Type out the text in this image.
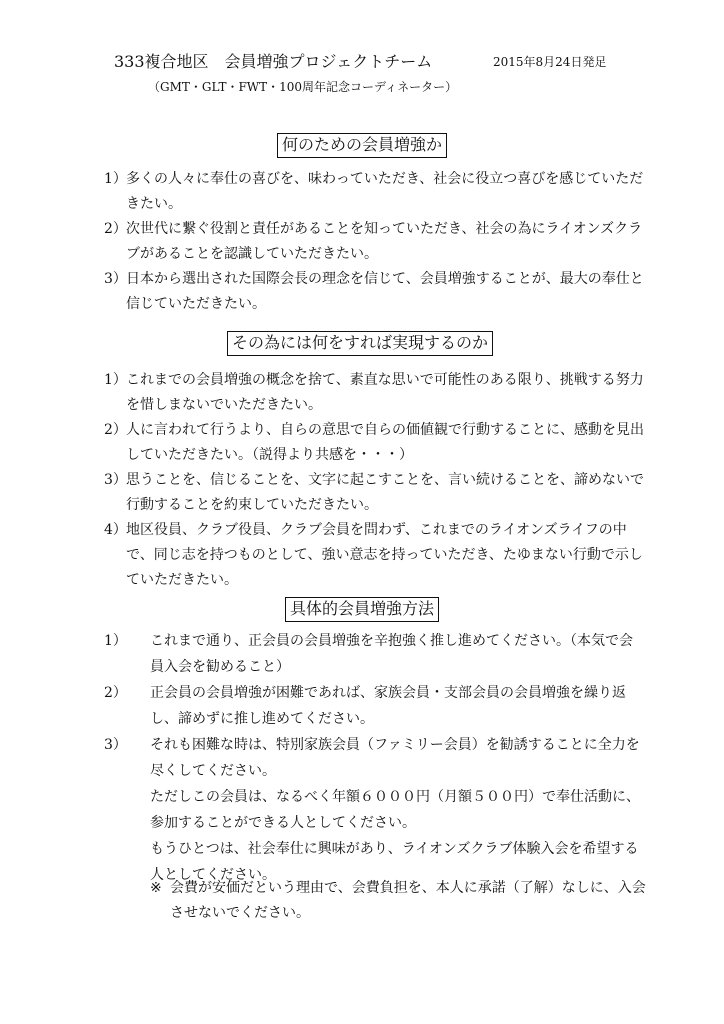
333複合地区　会員増強プロジェクトチーム	2015年8月24日発足
（GMT・GLT・FWT・100周年記念コーディネーター）
何のための会員増強か
1） 多くの人々に奉仕の喜びを、味わっていただき、社会に役立つ喜びを感じていただきたい。
2） 次世代に繋ぐ役割と責任があることを知っていただき、社会の為にライオンズクラブがあることを認識していただきたい。
3） 日本から選出された国際会長の理念を信じて、会員増強することが、最大の奉仕と信じていただきたい。
その為には何をすれば実現するのか
1） これまでの会員増強の概念を捨て、素直な思いで可能性のある限り、挑戦する努力を惜しまないでいただきたい。
2） 人に言われて行うより、自らの意思で自らの価値観で行動することに、感動を見出していただきたい。（説得より共感を・・・）
3） 思うことを、信じることを、文字に起こすことを、言い続けることを、諦めないで行動することを約束していただきたい。
4） 地区役員、クラブ役員、クラブ会員を問わず、これまでのライオンズライフの中で、同じ志を持つものとして、強い意志を持っていただき、たゆまない行動で示していただきたい。
具体的会員増強方法
1） これまで通り、正会員の会員増強を辛抱強く推し進めてください。（本気で会員入会を勧めること）

2） 正会員の会員増強が困難であれば、家族会員・支部会員の会員増強を繰り返し、諦めずに推し進めてください。

3） それも困難な時は、特別家族会員（ファミリー会員）を勧誘することに全力を尽くしてください。

ただしこの会員は、なるべく年額６０００円（月額５００円）で奉仕活動に、参加することができる人としてください。

もうひとつは、社会奉仕に興味があり、ライオンズクラブ体験入会を希望する人としてください。

※ 会費が安価だという理由で、会費負担を、本人に承諾（了解）なしに、入会させないでください。
